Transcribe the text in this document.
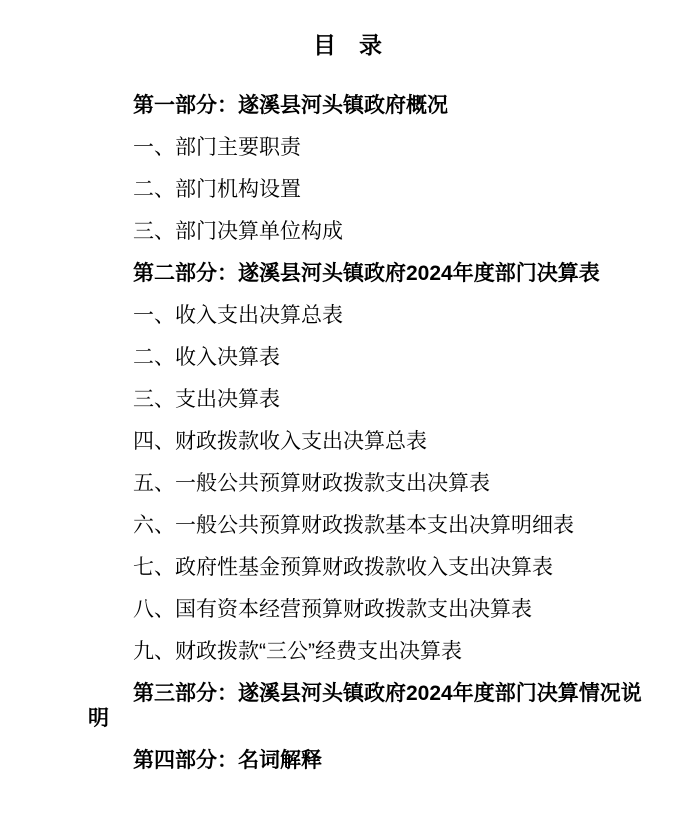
目　录

第一部分：遂溪县河头镇政府概况

一、部门主要职责

二、部门机构设置

三、部门决算单位构成

第二部分：遂溪县河头镇政府2024年度部门决算表

一、收入支出决算总表

二、收入决算表

三、支出决算表

四、财政拨款收入支出决算总表

五、一般公共预算财政拨款支出决算表

六、一般公共预算财政拨款基本支出决算明细表

七、政府性基金预算财政拨款收入支出决算表

八、国有资本经营预算财政拨款支出决算表

九、财政拨款“三公”经费支出决算表

第三部分：遂溪县河头镇政府2024年度部门决算情况说明

第四部分：名词解释
